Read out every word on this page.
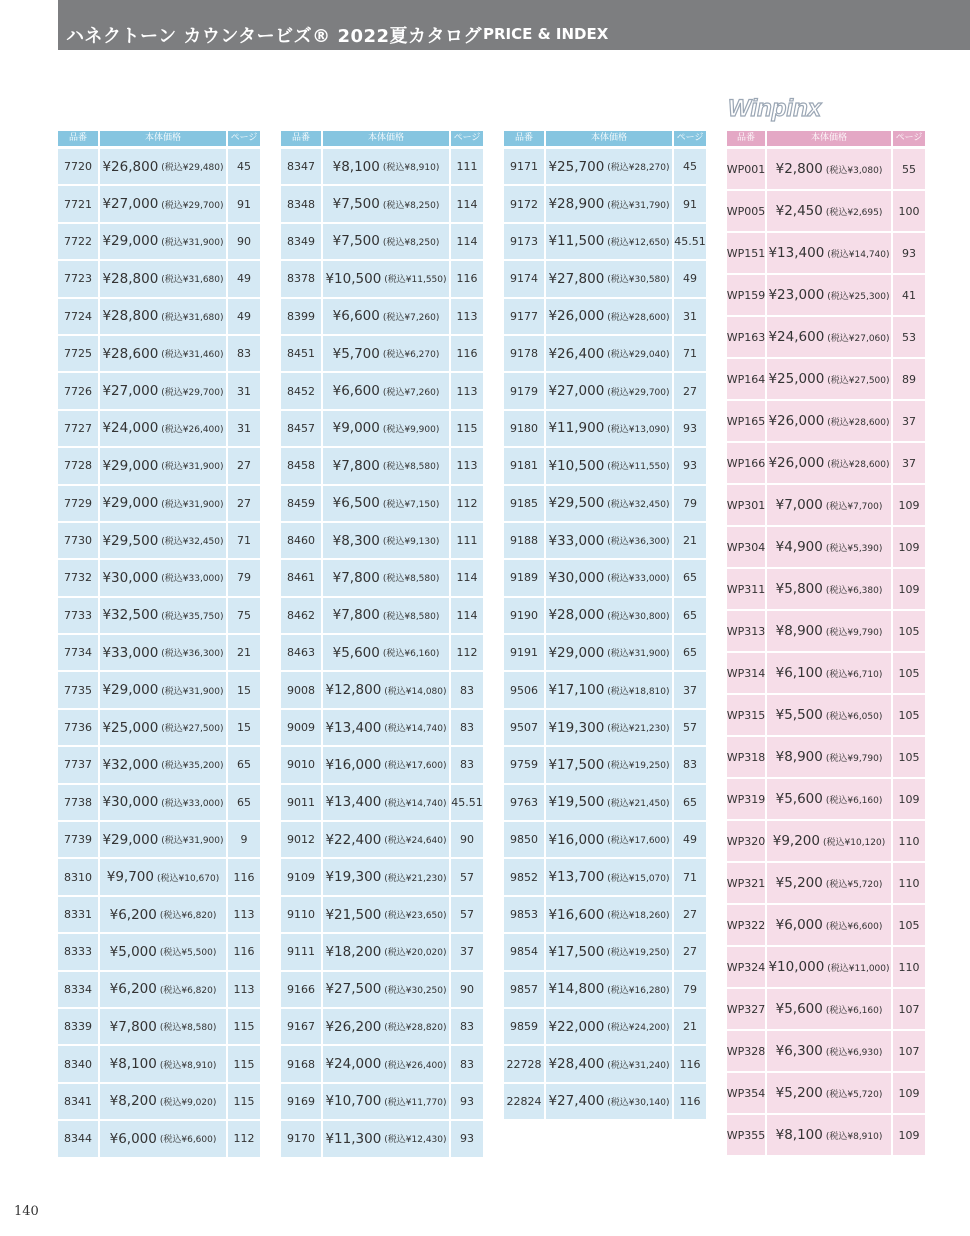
ハネクトーン カウンタービズ® 2022夏カタログ PRICE & INDEX
Winpinx
品番	本体価格	ページ
7720 ¥26,800 (税込¥29,480)	45
7721 ¥27,000 (税込¥29,700)	91
7722 ¥29,000 (税込¥31,900)	90
7723 ¥28,800 (税込¥31,680)	49
7724 ¥28,800 (税込¥31,680)	49
7725 ¥28,600 (税込¥31,460)	83
7726 ¥27,000 (税込¥29,700)	31
7727 ¥24,000 (税込¥26,400)	31
7728 ¥29,000 (税込¥31,900)	27
7729 ¥29,000 (税込¥31,900)	27
7730 ¥29,500 (税込¥32,450)	71
7732 ¥30,000 (税込¥33,000)	79
7733 ¥32,500 (税込¥35,750)	75
7734 ¥33,000 (税込¥36,300)	21
7735 ¥29,000 (税込¥31,900)	15
7736 ¥25,000 (税込¥27,500)	15
7737 ¥32,000 (税込¥35,200)	65
7738 ¥30,000 (税込¥33,000)	65
7739 ¥29,000 (税込¥31,900)	9
8310	¥9,700 (税込¥10,670)	116
8331	¥6,200 (税込¥6,820)	113
8333	¥5,000 (税込¥5,500)	116
8334	¥6,200 (税込¥6,820)	113
8339	¥7,800 (税込¥8,580)	115
8340	¥8,100 (税込¥8,910)	115
8341	¥8,200 (税込¥9,020)	115
8344	¥6,000 (税込¥6,600)	112
品番	本体価格	ページ
8347	¥8,100 (税込¥8,910)	111
8348	¥7,500 (税込¥8,250)	114
8349	¥7,500 (税込¥8,250)	114
8378 ¥10,500 (税込¥11,550) 116
8399	¥6,600 (税込¥7,260)	113
8451	¥5,700 (税込¥6,270)	116
8452	¥6,600 (税込¥7,260)	113
8457	¥9,000 (税込¥9,900)	115
8458	¥7,800 (税込¥8,580)	113
8459	¥6,500 (税込¥7,150)	112
8460	¥8,300 (税込¥9,130)	111
8461	¥7,800 (税込¥8,580)	114
8462	¥7,800 (税込¥8,580)	114
8463	¥5,600 (税込¥6,160)	112
9008 ¥12,800 (税込¥14,080)	83
9009 ¥13,400 (税込¥14,740)	83
9010 ¥16,000 (税込¥17,600)	83
9011 ¥13,400 (税込¥14,740) 45.51
9012 ¥22,400 (税込¥24,640)	90
9109 ¥19,300 (税込¥21,230)	57
9110 ¥21,500 (税込¥23,650)	57
9111 ¥18,200 (税込¥20,020)	37
9166 ¥27,500 (税込¥30,250)	90
9167 ¥26,200 (税込¥28,820)	83
9168 ¥24,000 (税込¥26,400)	83
9169 ¥10,700 (税込¥11,770)	93
9170 ¥11,300 (税込¥12,430)	93
品番	本体価格	ページ
9171 ¥25,700 (税込¥28,270)	45
9172 ¥28,900 (税込¥31,790)	91
9173 ¥11,500 (税込¥12,650) 45.51
9174 ¥27,800 (税込¥30,580)	49
9177 ¥26,000 (税込¥28,600)	31
9178 ¥26,400 (税込¥29,040)	71
9179 ¥27,000 (税込¥29,700)	27
9180 ¥11,900 (税込¥13,090)	93
9181 ¥10,500 (税込¥11,550)	93
9185 ¥29,500 (税込¥32,450)	79
9188 ¥33,000 (税込¥36,300)	21
9189 ¥30,000 (税込¥33,000)	65
9190 ¥28,000 (税込¥30,800)	65
9191 ¥29,000 (税込¥31,900)	65
9506 ¥17,100 (税込¥18,810)	37
9507 ¥19,300 (税込¥21,230)	57
9759 ¥17,500 (税込¥19,250)	83
9763 ¥19,500 (税込¥21,450)	65
9850 ¥16,000 (税込¥17,600)	49
9852 ¥13,700 (税込¥15,070)	71
9853 ¥16,600 (税込¥18,260)	27
9854 ¥17,500 (税込¥19,250)	27
9857 ¥14,800 (税込¥16,280)	79
9859 ¥22,000 (税込¥24,200)	21
22728 ¥28,400 (税込¥31,240) 116
22824 ¥27,400 (税込¥30,140) 116
品番	本体価格	ページ
WP001 ¥2,800 (税込¥3,080)	55
WP005 ¥2,450 (税込¥2,695)	100
WP151 ¥13,400 (税込¥14,740)	93
WP159 ¥23,000 (税込¥25,300)	41
WP163 ¥24,600 (税込¥27,060)	53
WP164 ¥25,000 (税込¥27,500)	89
WP165 ¥26,000 (税込¥28,600)	37
WP166 ¥26,000 (税込¥28,600)	37
WP301 ¥7,000 (税込¥7,700)	109
WP304 ¥4,900 (税込¥5,390)	109
WP311 ¥5,800 (税込¥6,380)	109
WP313 ¥8,900 (税込¥9,790)	105
WP314 ¥6,100 (税込¥6,710)	105
WP315 ¥5,500 (税込¥6,050)	105
WP318 ¥8,900 (税込¥9,790)	105
WP319 ¥5,600 (税込¥6,160)	109
WP320 ¥9,200 (税込¥10,120)	110
WP321 ¥5,200 (税込¥5,720)	110
WP322 ¥6,000 (税込¥6,600)	105
WP324 ¥10,000 (税込¥11,000) 110
WP327 ¥5,600 (税込¥6,160)	107
WP328 ¥6,300 (税込¥6,930)	107
WP354 ¥5,200 (税込¥5,720)	109
WP355 ¥8,100 (税込¥8,910)	109
140
